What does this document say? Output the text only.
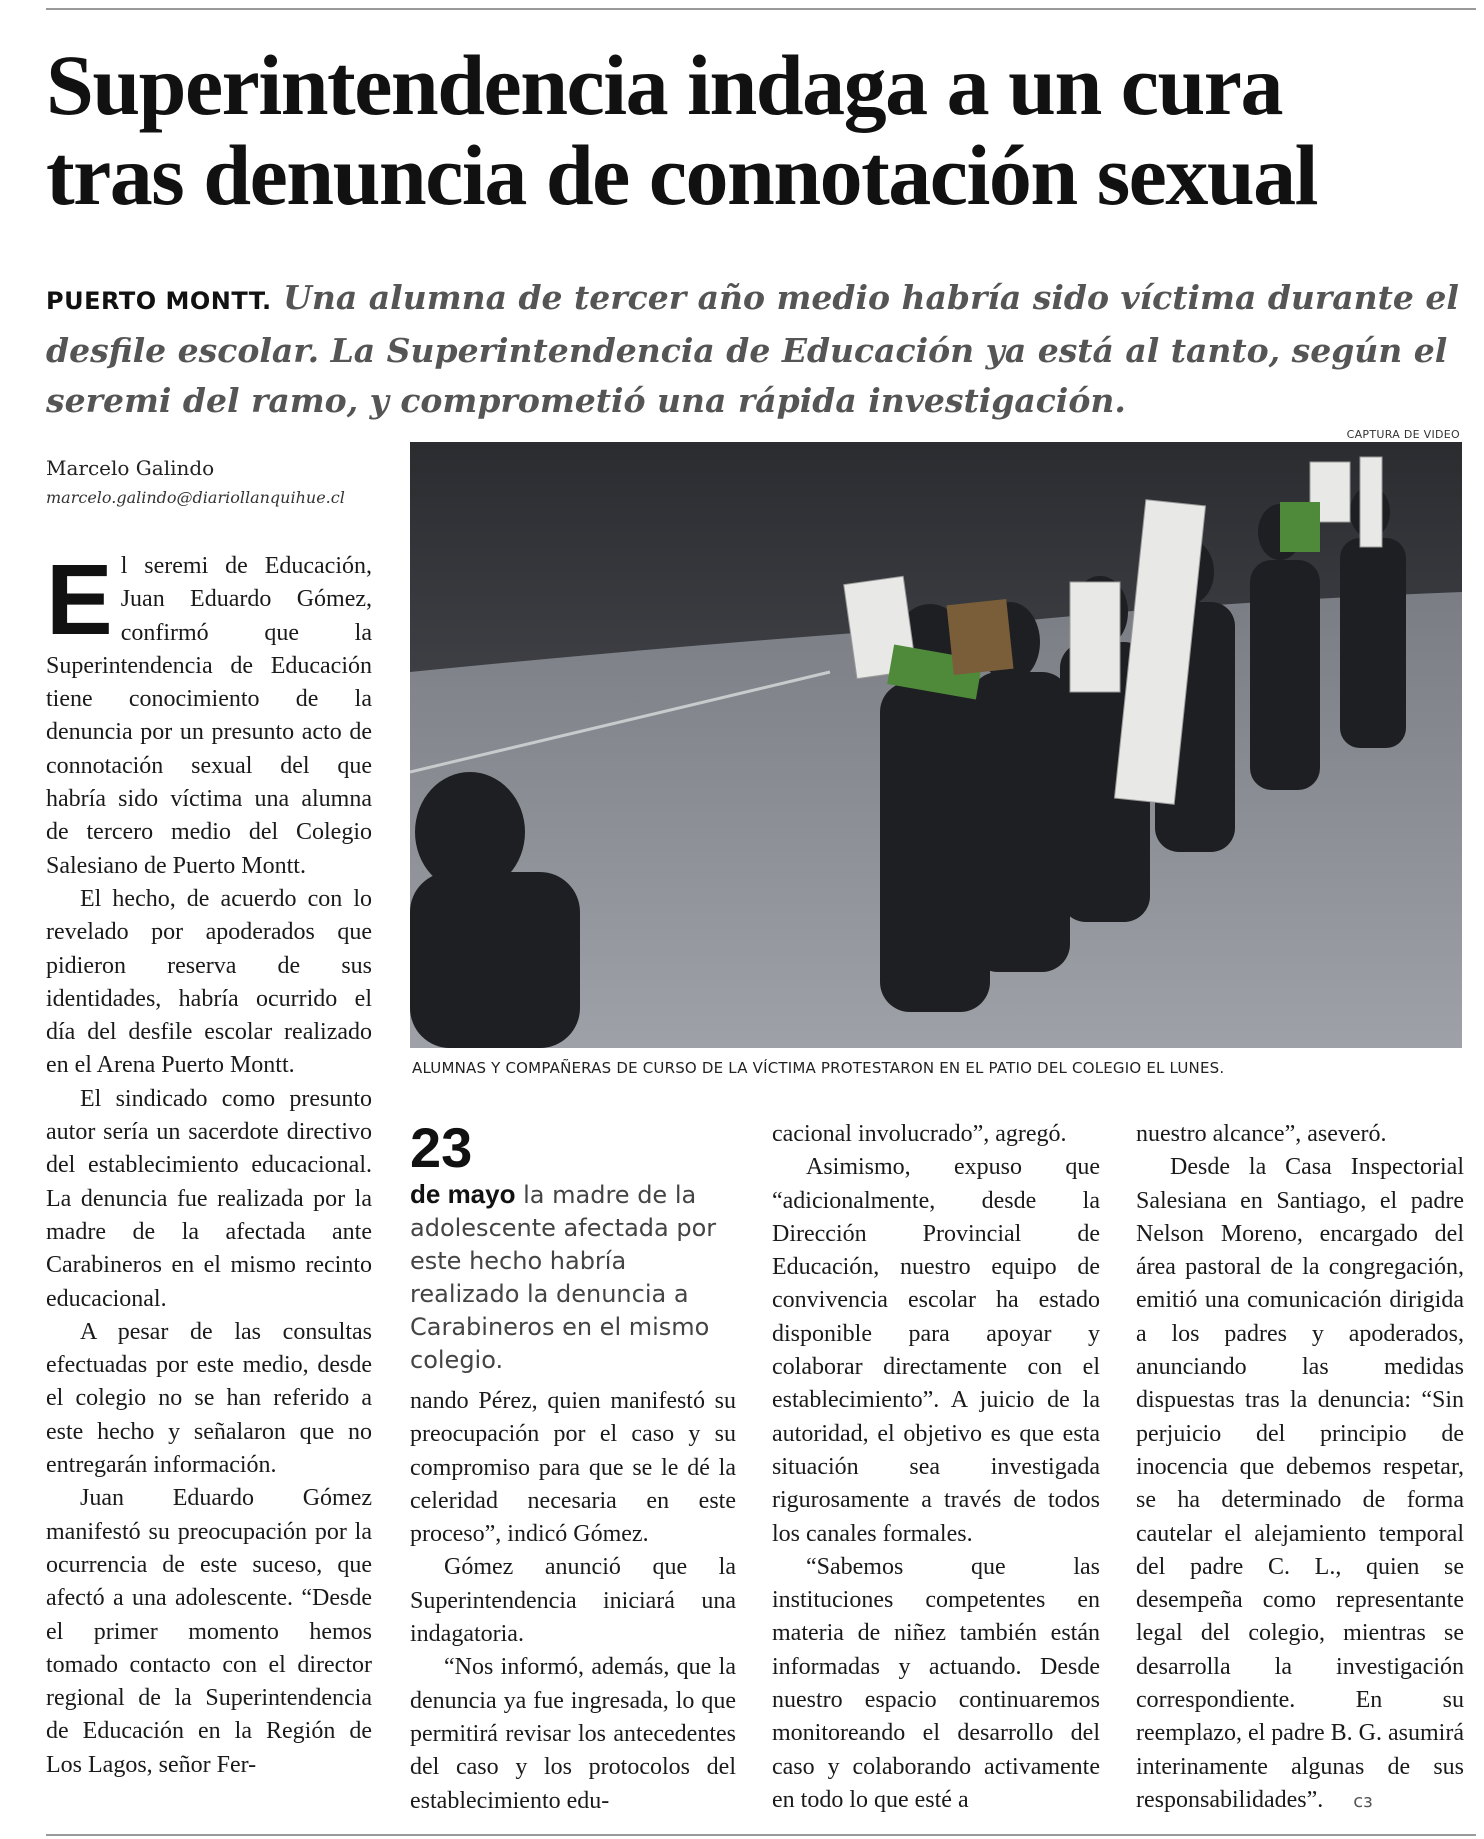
Superintendencia indaga a un cura
tras denuncia de connotación sexual
PUERTO MONTT. Una alumna de tercer año medio habría sido víctima durante el desfile escolar. La Superintendencia de Educación ya está al tanto, según el seremi del ramo, y comprometió una rápida investigación.
CAPTURA DE VIDEO
Marcelo Galindo
marcelo.galindo@diariollanquihue.cl
ALUMNAS Y COMPAÑERAS DE CURSO DE LA VÍCTIMA PROTESTARON EN EL PATIO DEL COLEGIO EL LUNES.

El seremi de Educación, Juan Eduardo Gómez, confirmó que la Superintendencia de Educación tiene conocimiento de la denuncia por un presunto acto de connotación sexual del que habría sido víctima una alumna de tercero medio del Colegio Salesiano de Puerto Montt.

El hecho, de acuerdo con lo revelado por apoderados que pidieron reserva de sus identidades, habría ocurrido el día del desfile escolar realizado en el Arena Puerto Montt.

El sindicado como presunto autor sería un sacerdote directivo del establecimiento educacional. La denuncia fue realizada por la madre de la afectada ante Carabineros en el mismo recinto educacional.

A pesar de las consultas efectuadas por este medio, desde el colegio no se han referido a este hecho y señalaron que no entregarán información.

Juan Eduardo Gómez manifestó su preocupación por la ocurrencia de este suceso, que afectó a una adolescente. “Desde el primer momento hemos tomado contacto con el director regional de la Superintendencia de Educación en la Región de Los Lagos, señor Fer-

23
de mayo la madre de la adolescente afectada por este hecho habría realizado la denuncia a Carabineros en el mismo colegio.

nando Pérez, quien manifestó su preocupación por el caso y su compromiso para que se le dé la celeridad necesaria en este proceso”, indicó Gómez.

Gómez anunció que la Superintendencia iniciará una indagatoria.

“Nos informó, además, que la denuncia ya fue ingresada, lo que permitirá revisar los antecedentes del caso y los protocolos del establecimiento edu-

cacional involucrado”, agregó.

Asimismo, expuso que “adicionalmente, desde la Dirección Provincial de Educación, nuestro equipo de convivencia escolar ha estado disponible para apoyar y colaborar directamente con el establecimiento”. A juicio de la autoridad, el objetivo es que esta situación sea investigada rigurosamente a través de todos los canales formales.

“Sabemos que las instituciones competentes en materia de niñez también están informadas y actuando. Desde nuestro espacio continuaremos monitoreando el desarrollo del caso y colaborando activamente en todo lo que esté a

nuestro alcance”, aseveró.

Desde la Casa Inspectorial Salesiana en Santiago, el padre Nelson Moreno, encargado del área pastoral de la congregación, emitió una comunicación dirigida a los padres y apoderados, anunciando las medidas dispuestas tras la denuncia: “Sin perjuicio del principio de inocencia que debemos respetar, se ha determinado de forma cautelar el alejamiento temporal del padre C. L., quien se desempeña como representante legal del colegio, mientras se desarrolla la investigación correspondiente. En su reemplazo, el padre B. G. asumirá interinamente algunas de sus responsabilidades”. cз
